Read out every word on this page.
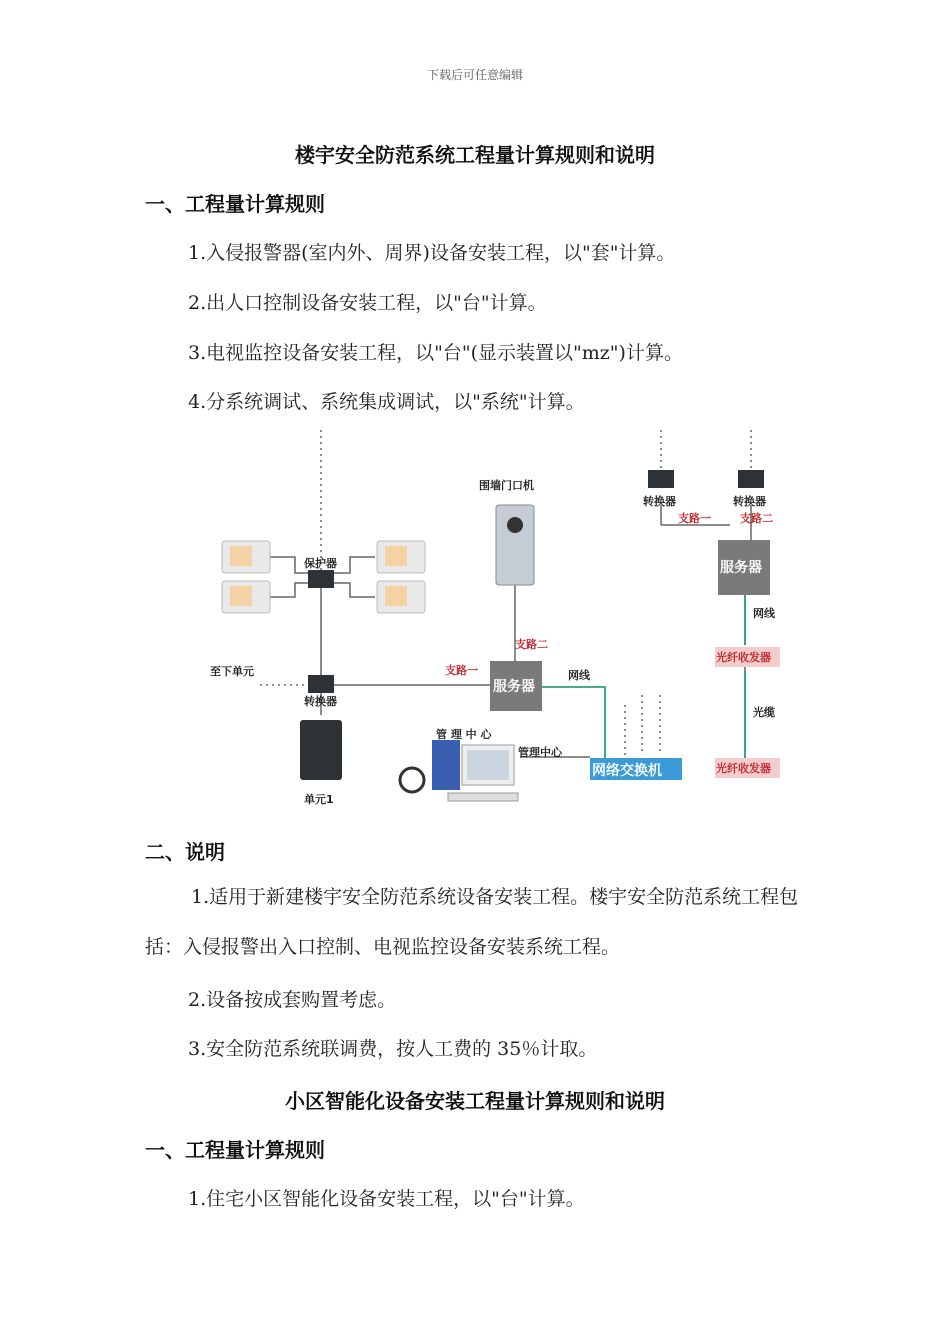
下载后可任意编辑
楼宇安全防范系统工程量计算规则和说明
一、工程量计算规则
1.入侵报警器(室内外、周界)设备安装工程，以"套"计算。
2.出人口控制设备安装工程，以"台"计算。
3.电视监控设备安装工程，以"台"(显示装置以"mz")计算。
4.分系统调试、系统集成调试，以"系统"计算。
保护器
转换器
至下单元
单元1
围墙门口机
支路一
支路二
服务器
网线
管理中心
管 理 中 心
网络交换机
转换器	转换器
支路一	支路二
服务器
网线
光纤收发器
光缆
光纤收发器
二、说明
1.适用于新建楼宇安全防范系统设备安装工程。楼宇安全防范系统工程包括：入侵报警出入口控制、电视监控设备安装系统工程。
2.设备按成套购置考虑。
3.安全防范系统联调费，按人工费的 35％计取。
小区智能化设备安装工程量计算规则和说明
一、工程量计算规则
1.住宅小区智能化设备安装工程，以"台"计算。
